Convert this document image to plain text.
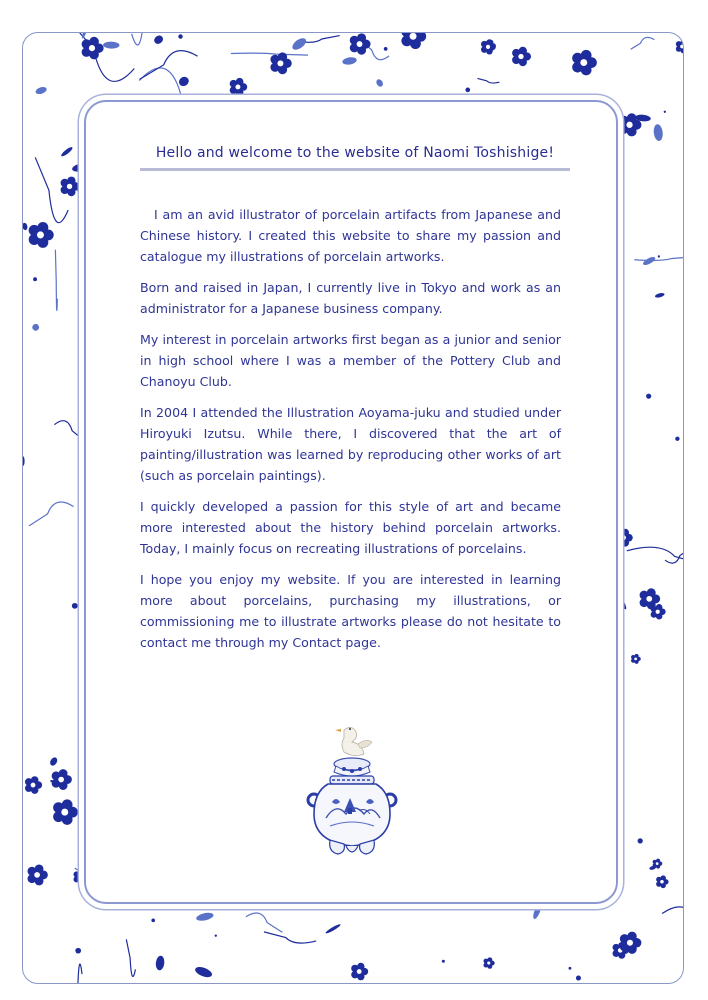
Hello and welcome to the website of Naomi Toshishige!

I am an avid illustrator of porcelain artifacts from Japanese and Chinese history. I created this website to share my passion and catalogue my illustrations of porcelain artworks.

Born and raised in Japan, I currently live in Tokyo and work as an administrator for a Japanese business company.

My interest in porcelain artworks first began as a junior and senior in high school where I was a member of the Pottery Club and Chanoyu Club.

In 2004 I attended the Illustration Aoyama-juku and studied under Hiroyuki Izutsu. While there, I discovered that the art of painting/illustration was learned by reproducing other works of art (such as porcelain paintings).

I quickly developed a passion for this style of art and became more interested about the history behind porcelain artworks. Today, I mainly focus on recreating illustrations of porcelains.

I hope you enjoy my website. If you are interested in learning more about porcelains, purchasing my illustrations, or commissioning me to illustrate artworks please do not hesitate to contact me through my Contact page.
